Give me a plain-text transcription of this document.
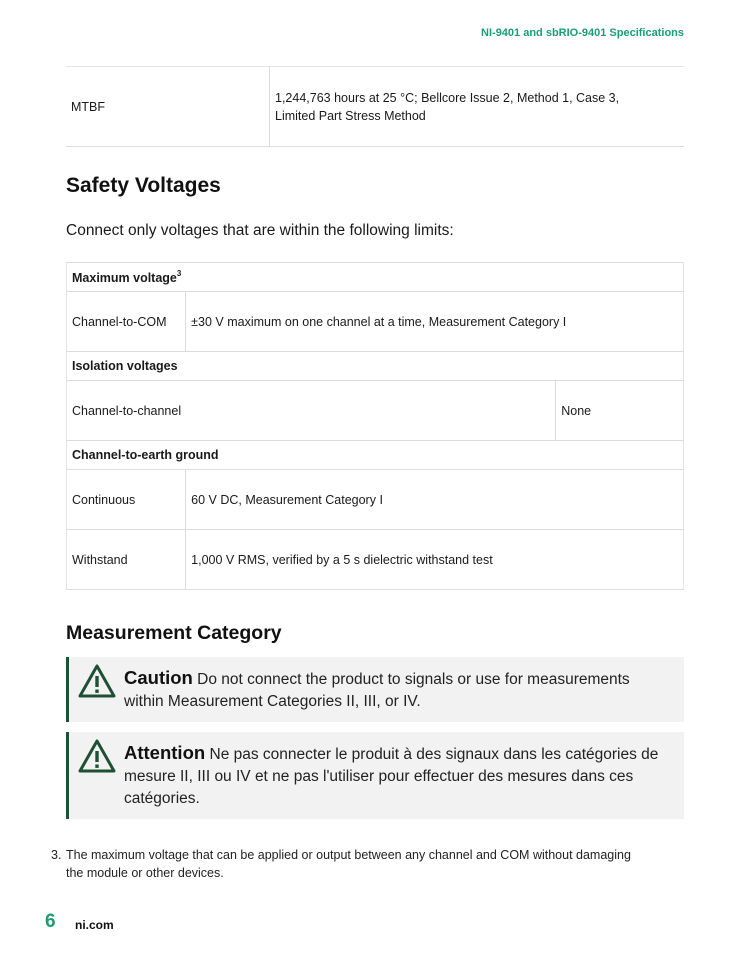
NI-9401 and sbRIO-9401 Specifications
MTBF	
1,244,763 hours at 25 °C; Bellcore Issue 2, Method 1, Case 3,
Limited Part Stress Method
Safety Voltages

Connect only voltages that are within the following limits:

Maximum voltage$^3$
Channel-to-COM	±30 V maximum on one channel at a time, Measurement Category I	
Isolation voltages		
Channel-to-channel		None
Channel-to-earth ground		
Continuous	60 V DC, Measurement Category I	
Withstand	1,000 V RMS, verified by a 5 s dielectric withstand test	
Measurement Category
Caution Do not connect the product to signals or use for measurements within Measurement Categories II, III, or IV.
Attention Ne pas connecter le produit à des signaux dans les catégories de mesure II, III ou IV et ne pas l'utiliser pour effectuer des mesures dans ces catégories.
3. The maximum voltage that can be applied or output between any channel and COM without damaging the module or other devices.
6 ni.com
